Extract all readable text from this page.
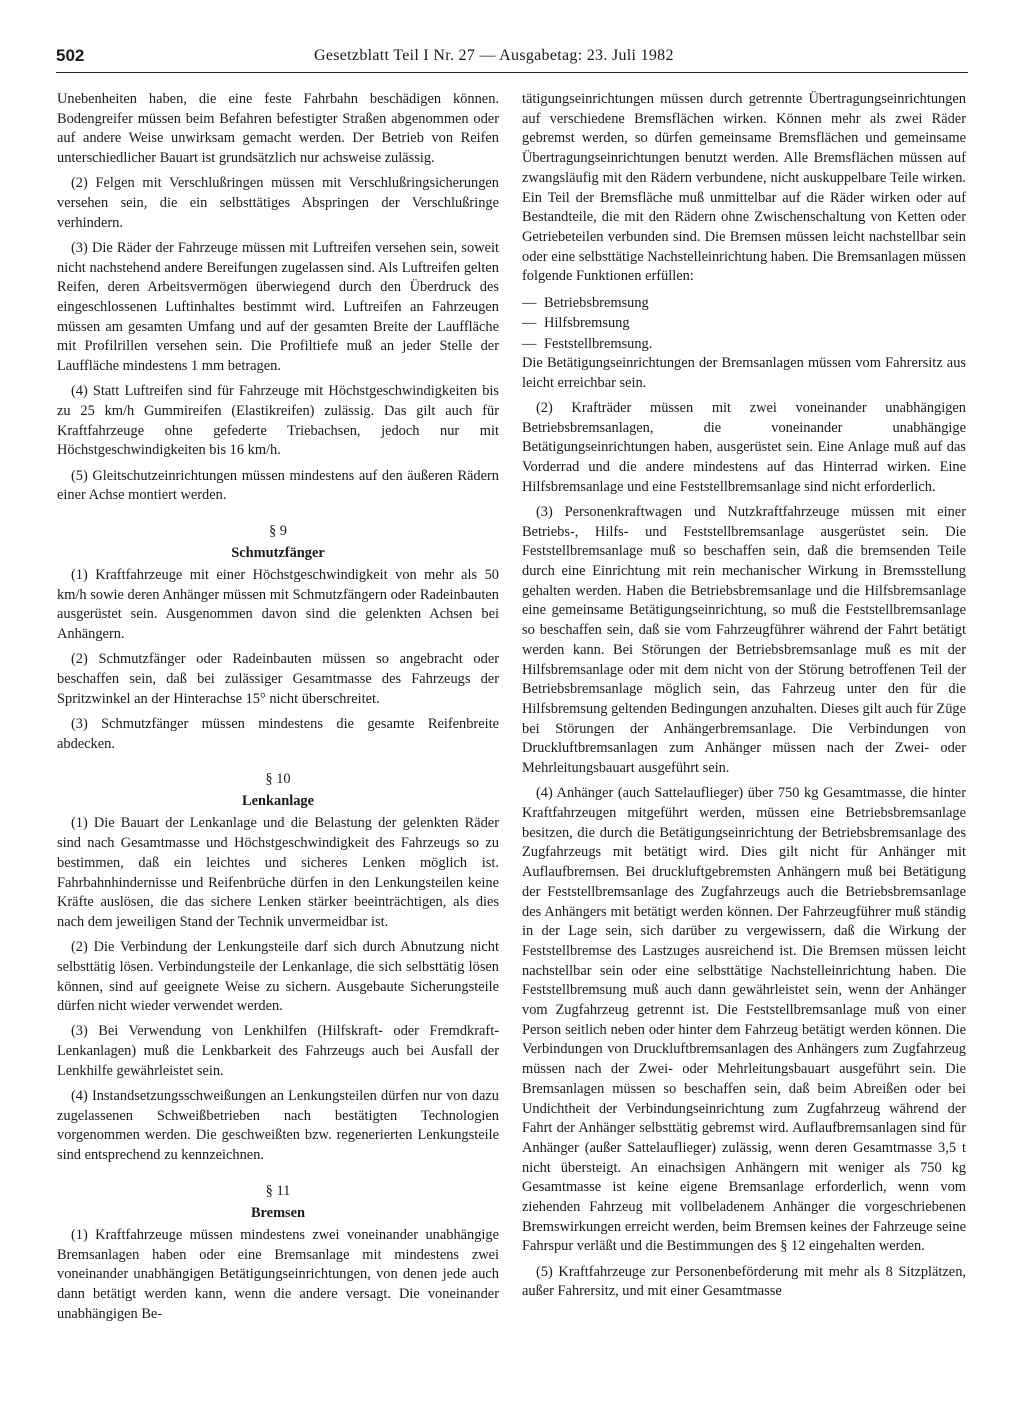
502	Gesetzblatt Teil I Nr. 27 — Ausgabetag: 23. Juli 1982

Unebenheiten haben, die eine feste Fahrbahn beschädigen können. Bodengreifer müssen beim Befahren befestigter Straßen abgenommen oder auf andere Weise unwirksam gemacht werden. Der Betrieb von Reifen unterschiedlicher Bauart ist grundsätzlich nur achsweise zulässig.

(2) Felgen mit Verschlußringen müssen mit Verschlußringsicherungen versehen sein, die ein selbsttätiges Abspringen der Verschlußringe verhindern.

(3) Die Räder der Fahrzeuge müssen mit Luftreifen versehen sein, soweit nicht nachstehend andere Bereifungen zugelassen sind. Als Luftreifen gelten Reifen, deren Arbeitsvermögen überwiegend durch den Überdruck des eingeschlossenen Luftinhaltes bestimmt wird. Luftreifen an Fahrzeugen müssen am gesamten Umfang und auf der gesamten Breite der Lauffläche mit Profilrillen versehen sein. Die Profiltiefe muß an jeder Stelle der Lauffläche mindestens 1 mm betragen.

(4) Statt Luftreifen sind für Fahrzeuge mit Höchstgeschwindigkeiten bis zu 25 km/h Gummireifen (Elastikreifen) zulässig. Das gilt auch für Kraftfahrzeuge ohne gefederte Triebachsen, jedoch nur mit Höchstgeschwindigkeiten bis 16 km/h.

(5) Gleitschutzeinrichtungen müssen mindestens auf den äußeren Rädern einer Achse montiert werden.

§ 9
Schmutzfänger

(1) Kraftfahrzeuge mit einer Höchstgeschwindigkeit von mehr als 50 km/h sowie deren Anhänger müssen mit Schmutzfängern oder Radeinbauten ausgerüstet sein. Ausgenommen davon sind die gelenkten Achsen bei Anhängern.

(2) Schmutzfänger oder Radeinbauten müssen so angebracht oder beschaffen sein, daß bei zulässiger Gesamtmasse des Fahrzeugs der Spritzwinkel an der Hinterachse 15° nicht überschreitet.

(3) Schmutzfänger müssen mindestens die gesamte Reifenbreite abdecken.

§ 10
Lenkanlage

(1) Die Bauart der Lenkanlage und die Belastung der gelenkten Räder sind nach Gesamtmasse und Höchstgeschwindigkeit des Fahrzeugs so zu bestimmen, daß ein leichtes und sicheres Lenken möglich ist. Fahrbahnhindernisse und Reifenbrüche dürfen in den Lenkungsteilen keine Kräfte auslösen, die das sichere Lenken stärker beeinträchtigen, als dies nach dem jeweiligen Stand der Technik unvermeidbar ist.

(2) Die Verbindung der Lenkungsteile darf sich durch Abnutzung nicht selbsttätig lösen. Verbindungsteile der Lenkanlage, die sich selbsttätig lösen können, sind auf geeignete Weise zu sichern. Ausgebaute Sicherungsteile dürfen nicht wieder verwendet werden.

(3) Bei Verwendung von Lenkhilfen (Hilfskraft- oder Fremdkraft-Lenkanlagen) muß die Lenkbarkeit des Fahrzeugs auch bei Ausfall der Lenkhilfe gewährleistet sein.

(4) Instandsetzungsschweißungen an Lenkungsteilen dürfen nur von dazu zugelassenen Schweißbetrieben nach bestätigten Technologien vorgenommen werden. Die geschweißten bzw. regenerierten Lenkungsteile sind entsprechend zu kennzeichnen.

§ 11
Bremsen

(1) Kraftfahrzeuge müssen mindestens zwei voneinander unabhängige Bremsanlagen haben oder eine Bremsanlage mit mindestens zwei voneinander unabhängigen Betätigungseinrichtungen, von denen jede auch dann betätigt werden kann, wenn die andere versagt. Die voneinander unabhängigen Be-

tätigungseinrichtungen müssen durch getrennte Übertragungseinrichtungen auf verschiedene Bremsflächen wirken. Können mehr als zwei Räder gebremst werden, so dürfen gemeinsame Bremsflächen und gemeinsame Übertragungseinrichtungen benutzt werden. Alle Bremsflächen müssen auf zwangsläufig mit den Rädern verbundene, nicht auskuppelbare Teile wirken. Ein Teil der Bremsfläche muß unmittelbar auf die Räder wirken oder auf Bestandteile, die mit den Rädern ohne Zwischenschaltung von Ketten oder Getriebeteilen verbunden sind. Die Bremsen müssen leicht nachstellbar sein oder eine selbsttätige Nachstelleinrichtung haben. Die Bremsanlagen müssen folgende Funktionen erfüllen:

— Betriebsbremsung
— Hilfsbremsung
— Feststellbremsung.

Die Betätigungseinrichtungen der Bremsanlagen müssen vom Fahrersitz aus leicht erreichbar sein.

(2) Krafträder müssen mit zwei voneinander unabhängigen Betriebsbremsanlagen, die voneinander unabhängige Betätigungseinrichtungen haben, ausgerüstet sein. Eine Anlage muß auf das Vorderrad und die andere mindestens auf das Hinterrad wirken. Eine Hilfsbremsanlage und eine Feststellbremsanlage sind nicht erforderlich.

(3) Personenkraftwagen und Nutzkraftfahrzeuge müssen mit einer Betriebs-, Hilfs- und Feststellbremsanlage ausgerüstet sein. Die Feststellbremsanlage muß so beschaffen sein, daß die bremsenden Teile durch eine Einrichtung mit rein mechanischer Wirkung in Bremsstellung gehalten werden. Haben die Betriebsbremsanlage und die Hilfsbremsanlage eine gemeinsame Betätigungseinrichtung, so muß die Feststellbremsanlage so beschaffen sein, daß sie vom Fahrzeugführer während der Fahrt betätigt werden kann. Bei Störungen der Betriebsbremsanlage muß es mit der Hilfsbremsanlage oder mit dem nicht von der Störung betroffenen Teil der Betriebsbremsanlage möglich sein, das Fahrzeug unter den für die Hilfsbremsung geltenden Bedingungen anzuhalten. Dieses gilt auch für Züge bei Störungen der Anhängerbremsanlage. Die Verbindungen von Druckluftbremsanlagen zum Anhänger müssen nach der Zwei- oder Mehrleitungsbauart ausgeführt sein.

(4) Anhänger (auch Sattelauflieger) über 750 kg Gesamtmasse, die hinter Kraftfahrzeugen mitgeführt werden, müssen eine Betriebsbremsanlage besitzen, die durch die Betätigungseinrichtung der Betriebsbremsanlage des Zugfahrzeugs mit betätigt wird. Dies gilt nicht für Anhänger mit Auflaufbremsen. Bei druckluftgebremsten Anhängern muß bei Betätigung der Feststellbremsanlage des Zugfahrzeugs auch die Betriebsbremsanlage des Anhängers mit betätigt werden können. Der Fahrzeugführer muß ständig in der Lage sein, sich darüber zu vergewissern, daß die Wirkung der Feststellbremse des Lastzuges ausreichend ist. Die Bremsen müssen leicht nachstellbar sein oder eine selbsttätige Nachstelleinrichtung haben. Die Feststellbremsung muß auch dann gewährleistet sein, wenn der Anhänger vom Zugfahrzeug getrennt ist. Die Feststellbremsanlage muß von einer Person seitlich neben oder hinter dem Fahrzeug betätigt werden können. Die Verbindungen von Druckluftbremsanlagen des Anhängers zum Zugfahrzeug müssen nach der Zwei- oder Mehrleitungsbauart ausgeführt sein. Die Bremsanlagen müssen so beschaffen sein, daß beim Abreißen oder bei Undichtheit der Verbindungseinrichtung zum Zugfahrzeug während der Fahrt der Anhänger selbsttätig gebremst wird. Auflaufbremsanlagen sind für Anhänger (außer Sattelauflieger) zulässig, wenn deren Gesamtmasse 3,5 t nicht übersteigt. An einachsigen Anhängern mit weniger als 750 kg Gesamtmasse ist keine eigene Bremsanlage erforderlich, wenn vom ziehenden Fahrzeug mit vollbeladenem Anhänger die vorgeschriebenen Bremswirkungen erreicht werden, beim Bremsen keines der Fahrzeuge seine Fahrspur verläßt und die Bestimmungen des § 12 eingehalten werden.

(5) Kraftfahrzeuge zur Personenbeförderung mit mehr als 8 Sitzplätzen, außer Fahrersitz, und mit einer Gesamtmasse
